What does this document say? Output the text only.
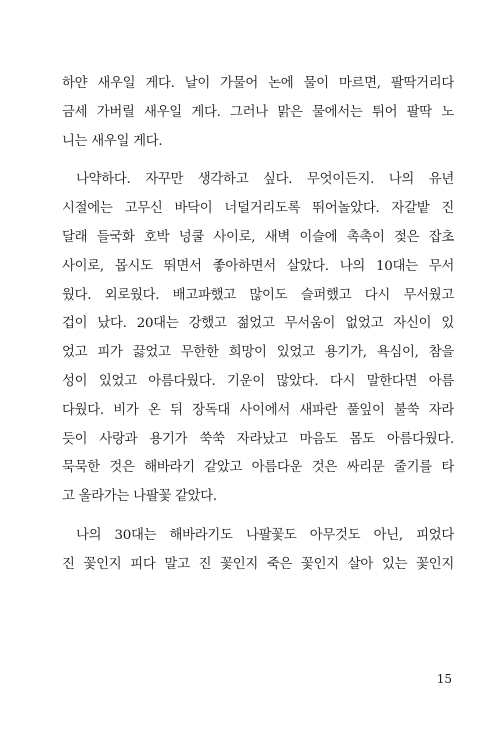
하얀 새우일 게다. 날이 가물어 논에 물이 마르면, 팔딱거리다
금세 가버릴 새우일 게다. 그러나 맑은 물에서는 튀어 팔딱 노
니는 새우일 게다.
나약하다. 자꾸만 생각하고 싶다. 무엇이든지. 나의 유년
시절에는 고무신 바닥이 너덜거리도록 뛰어놀았다. 자갈밭 진
달래 들국화 호박 넝쿨 사이로, 새벽 이슬에 촉촉이 젖은 잡초
사이로, 몹시도 뛰면서 좋아하면서 살았다. 나의 10대는 무서
웠다. 외로웠다. 배고파했고 많이도 슬퍼했고 다시 무서웠고
겁이 났다. 20대는 강했고 젊었고 무서움이 없었고 자신이 있
었고 피가 끓었고 무한한 희망이 있었고 용기가, 욕심이, 참을
성이 있었고 아름다웠다. 기운이 많았다. 다시 말한다면 아름
다웠다. 비가 온 뒤 장독대 사이에서 새파란 풀잎이 불쑥 자라
듯이 사랑과 용기가 쑥쑥 자라났고 마음도 몸도 아름다웠다.
묵묵한 것은 해바라기 같았고 아름다운 것은 싸리문 줄기를 타
고 올라가는 나팔꽃 같았다.
나의 30대는 해바라기도 나팔꽃도 아무것도 아닌, 피었다
진 꽃인지 피다 말고 진 꽃인지 죽은 꽃인지 살아 있는 꽃인지
15
